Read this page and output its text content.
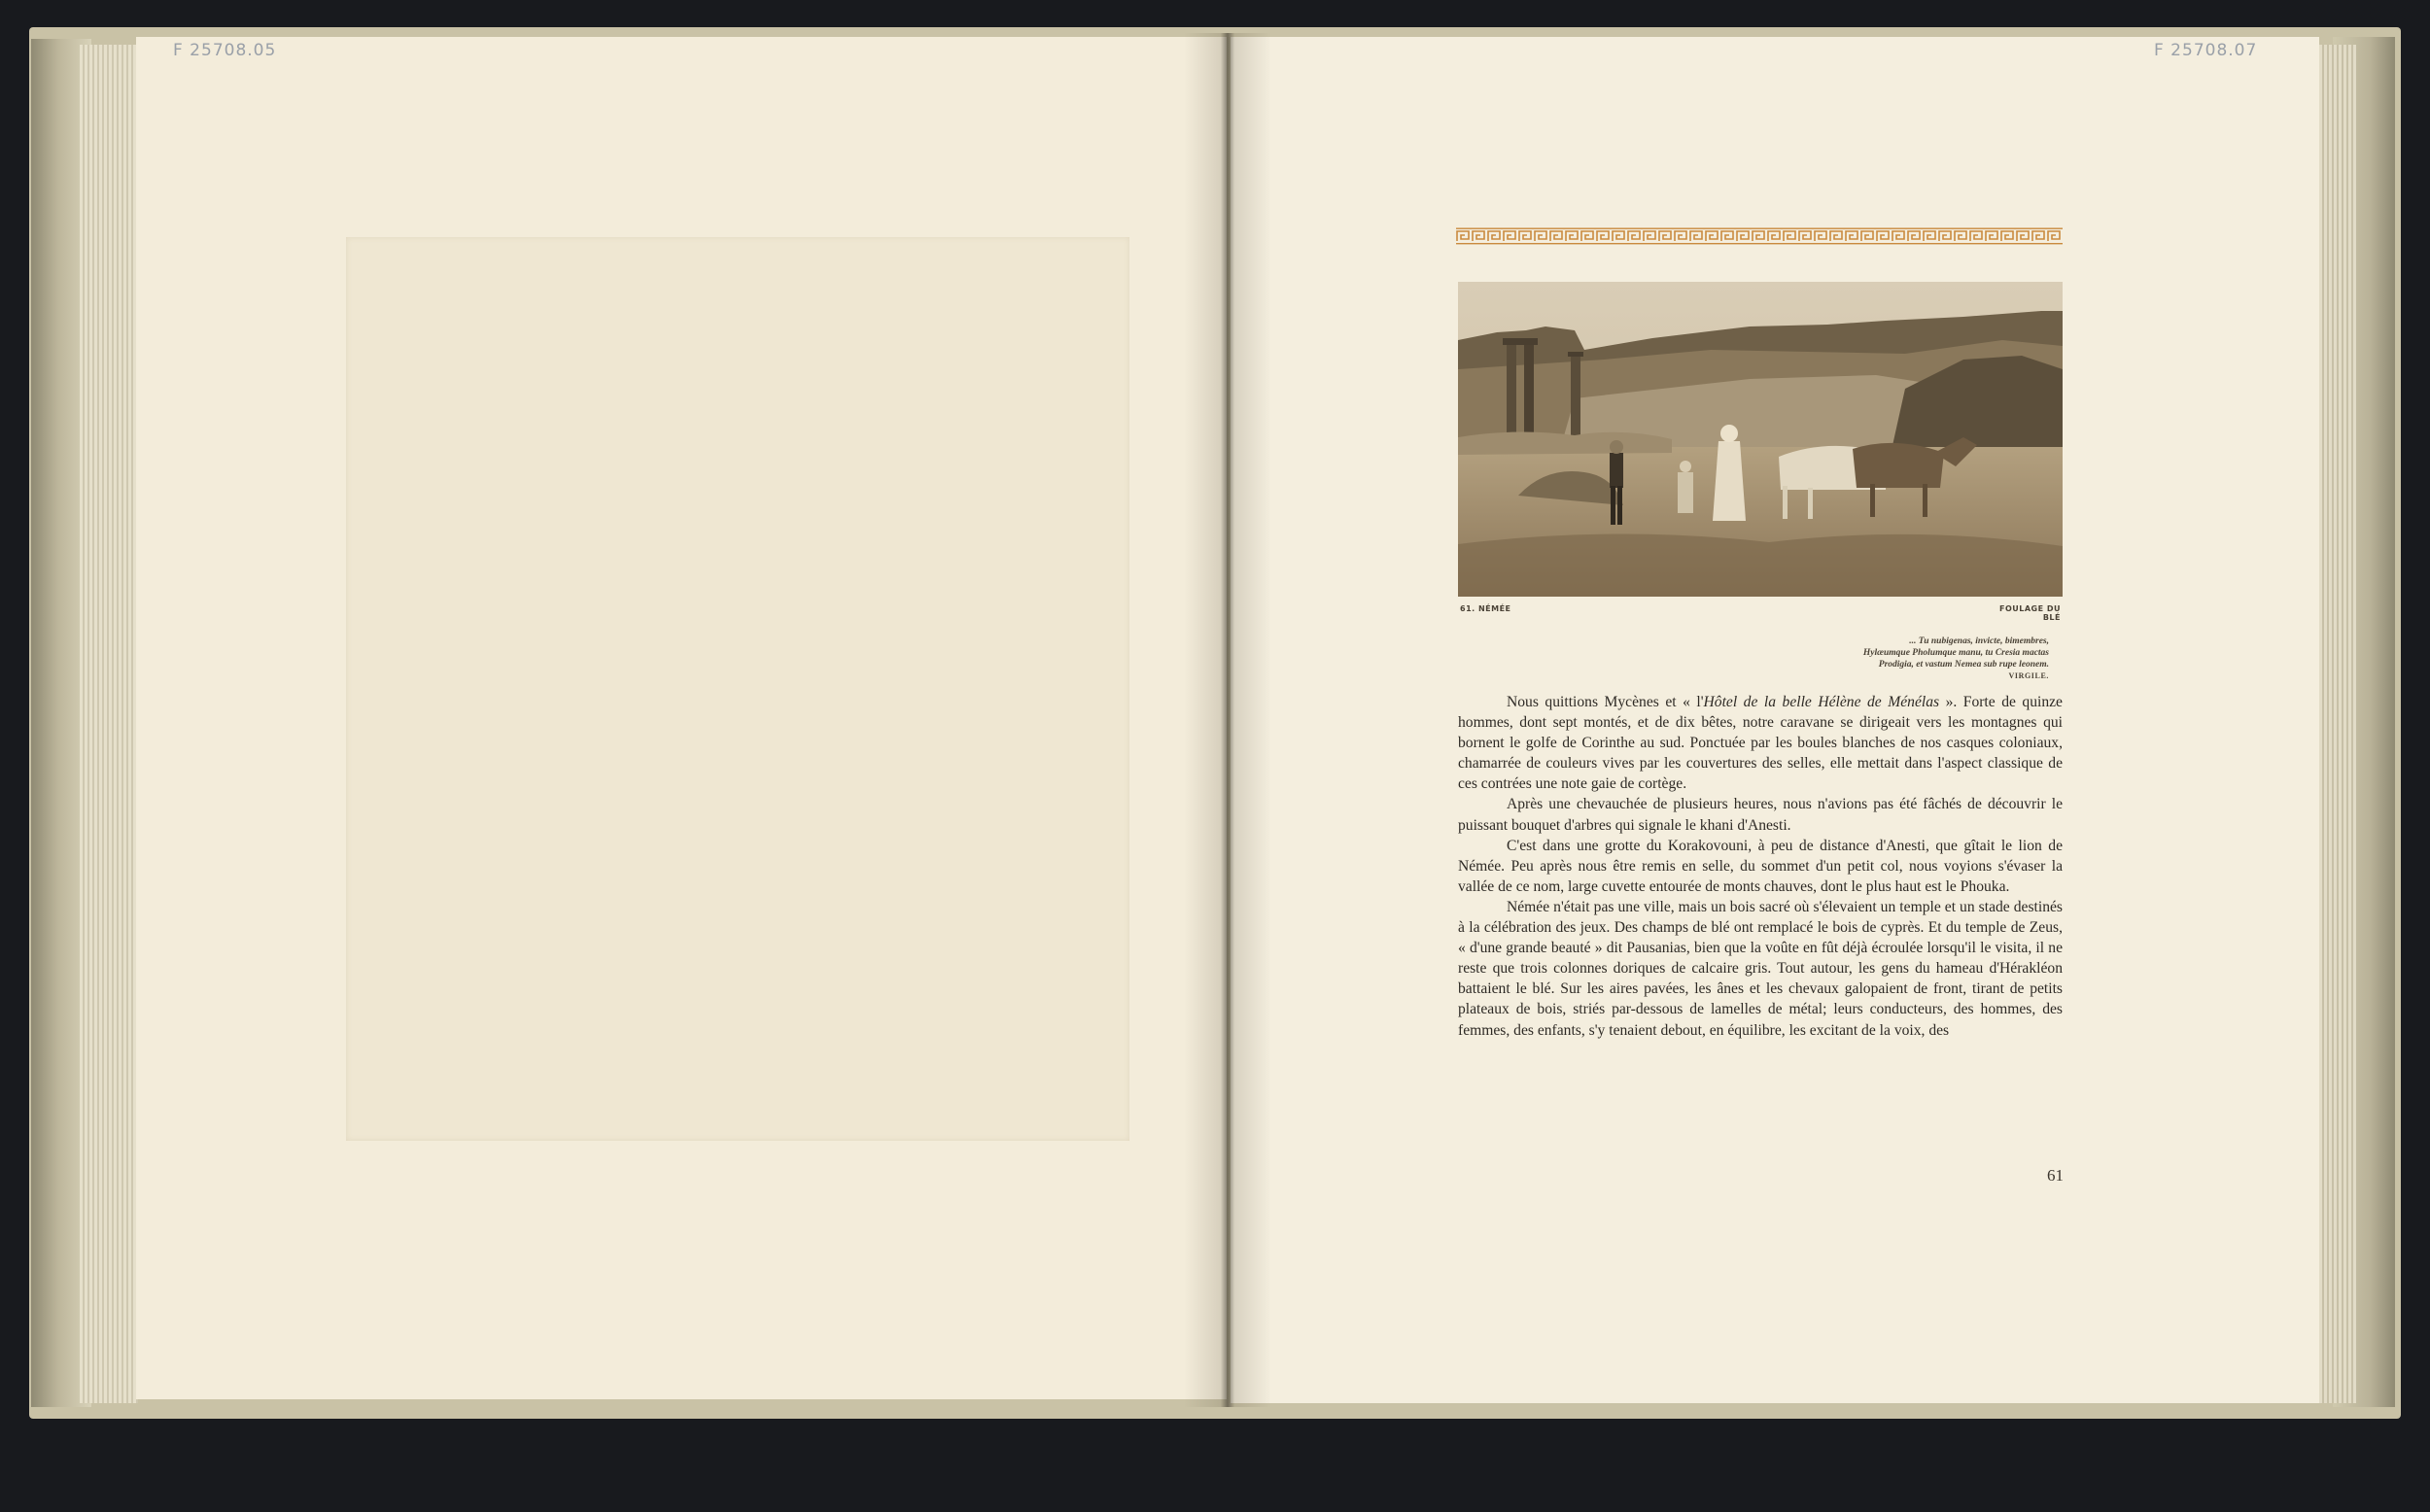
F 25708.05	F 25708.07
61. NÉMÉE	FOULAGE DU BLÉ
... Tu nubigenas, invicte, bimembres,
Hylæumque Pholumque manu, tu Cresia mactas
Prodigia, et vastum Nemea sub rupe leonem.
VIRGILE.

Nous quittions Mycènes et « l'Hôtel de la belle Hélène de Ménélas ». Forte de quinze hommes, dont sept montés, et de dix bêtes, notre caravane se dirigeait vers les montagnes qui bornent le golfe de Corinthe au sud. Ponctuée par les boules blanches de nos casques coloniaux, chamarrée de couleurs vives par les couvertures des selles, elle mettait dans l'aspect classique de ces contrées une note gaie de cortège.

Après une chevauchée de plusieurs heures, nous n'avions pas été fâchés de découvrir le puissant bouquet d'arbres qui signale le khani d'Anesti.

C'est dans une grotte du Korakovouni, à peu de distance d'Anesti, que gîtait le lion de Némée. Peu après nous être remis en selle, du sommet d'un petit col, nous voyions s'évaser la vallée de ce nom, large cuvette entourée de monts chauves, dont le plus haut est le Phouka.

Némée n'était pas une ville, mais un bois sacré où s'élevaient un temple et un stade destinés à la célébration des jeux. Des champs de blé ont remplacé le bois de cyprès. Et du temple de Zeus, « d'une grande beauté » dit Pausanias, bien que la voûte en fût déjà écroulée lorsqu'il le visita, il ne reste que trois colonnes doriques de calcaire gris. Tout autour, les gens du hameau d'Hérakléon battaient le blé. Sur les aires pavées, les ânes et les chevaux galopaient de front, tirant de petits plateaux de bois, striés par-dessous de lamelles de métal; leurs conducteurs, des hommes, des femmes, des enfants, s'y tenaient debout, en équilibre, les excitant de la voix, des

61
